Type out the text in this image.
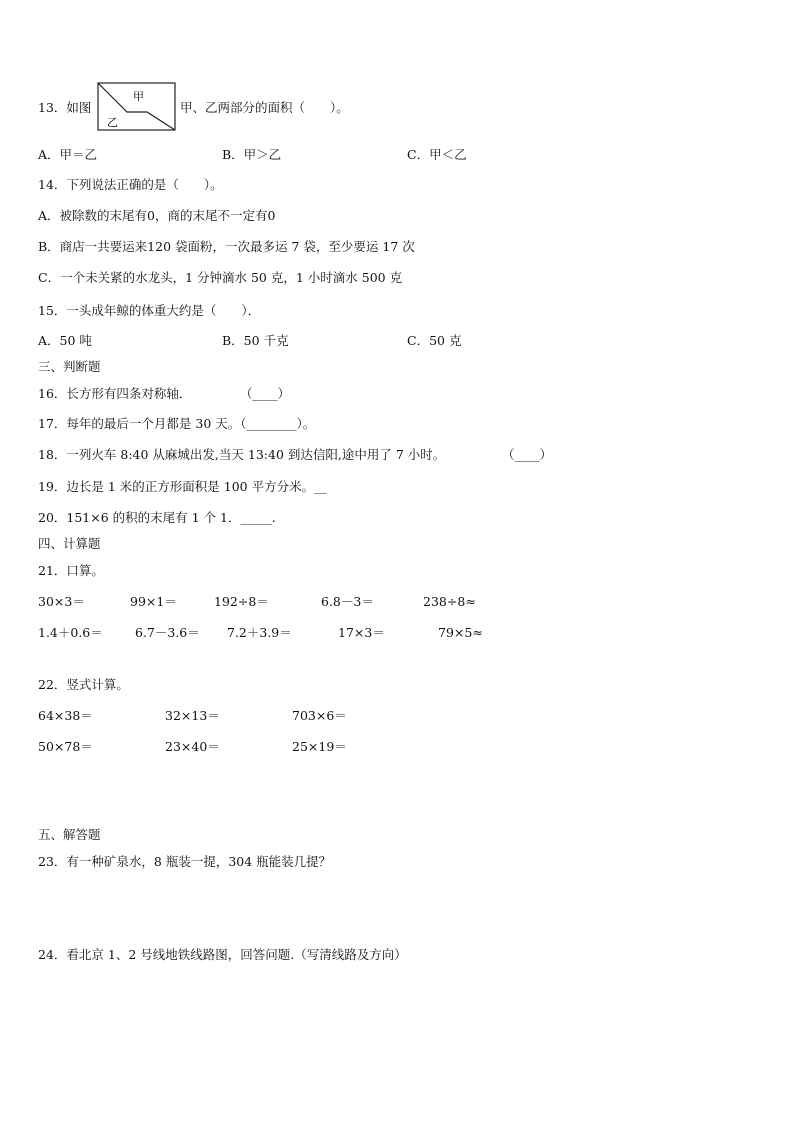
13．如图
甲
乙
甲、乙两部分的面积（　　）。
A．甲＝乙	B．甲＞乙	C．甲＜乙
14．下列说法正确的是（　　）。
A．被除数的末尾有0，商的末尾不一定有0
B．商店一共要运来120 袋面粉，一次最多运 7 袋，至少要运 17 次
C．一个未关紧的水龙头，1 分钟滴水 50 克，1 小时滴水 500 克
15．一头成年鲸的体重大约是（　　）．
A．50 吨	B．50 千克	C．50 克
三、判断题
16．长方形有四条对称轴．	（____）
17．每年的最后一个月都是 30 天。（________）。
18．一列火车 8:40 从麻城出发,当天 13:40 到达信阳,途中用了 7 小时。	（____）
19．边长是 1 米的正方形面积是 100 平方分米。__
20．151×6 的积的末尾有 1 个 1．_____.
四、计算题
21．口算。
30×3＝	99×1＝	192÷8＝	6.8－3＝	238÷8≈
1.4＋0.6＝	6.7－3.6＝ 7.2＋3.9＝	17×3＝	79×5≈
22．竖式计算。
64×38＝	32×13＝	703×6＝
50×78＝	23×40＝	25×19＝
五、解答题
23．有一种矿泉水，8 瓶装一提，304 瓶能装几提？
24．看北京 1、2 号线地铁线路图，回答问题.（写清线路及方向）
